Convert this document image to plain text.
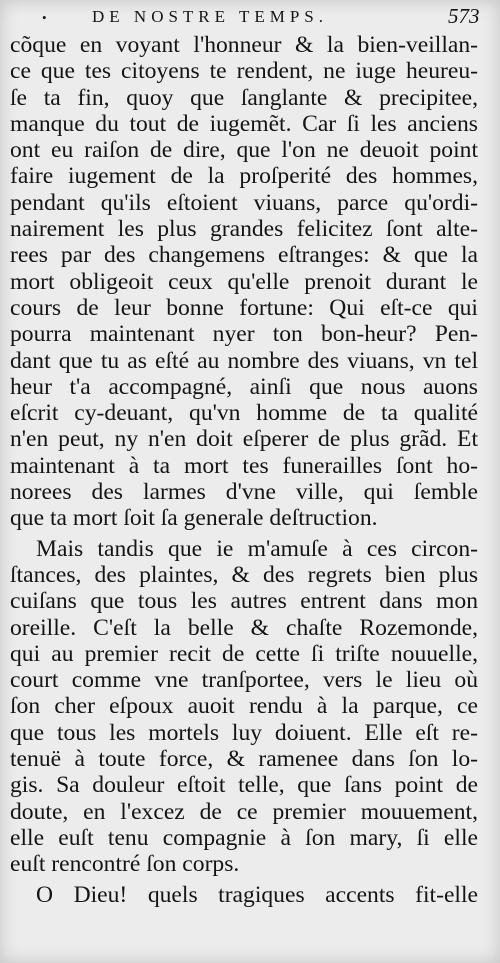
•	DE NOSTRE TEMPS.	573
cõque en voyant l'honneur & la bien-veillan-
ce que tes citoyens te rendent, ne iuge heureu-
ſe ta fin, quoy que ſanglante & precipitee,
manque du tout de iugemẽt. Car ſi les anciens
ont eu raiſon de dire, que l'on ne deuoit point
faire iugement de la proſperité des hommes,
pendant qu'ils eſtoient viuans, parce qu'ordi-
nairement les plus grandes felicitez ſont alte-
rees par des changemens eſtranges: & que la
mort obligeoit ceux qu'elle prenoit durant le
cours de leur bonne fortune: Qui eſt-ce qui
pourra maintenant nyer ton bon-heur? Pen-
dant que tu as eſté au nombre des viuans, vn tel
heur t'a accompagné, ainſi que nous auons
eſcrit cy-deuant, qu'vn homme de ta qualité
n'en peut, ny n'en doit eſperer de plus grãd. Et
maintenant à ta mort tes funerailles ſont ho-
norees des larmes d'vne ville, qui ſemble
que ta mort ſoit ſa generale deſtruction.
Mais tandis que ie m'amuſe à ces circon-
ſtances, des plaintes, & des regrets bien plus
cuiſans que tous les autres entrent dans mon
oreille. C'eſt la belle & chaſte Rozemonde,
qui au premier recit de cette ſi triſte nouuelle,
court comme vne tranſportee, vers le lieu où
ſon cher eſpoux auoit rendu à la parque, ce
que tous les mortels luy doiuent. Elle eſt re-
tenuë à toute force, & ramenee dans ſon lo-
gis. Sa douleur eſtoit telle, que ſans point de
doute, en l'excez de ce premier mouuement,
elle euſt tenu compagnie à ſon mary, ſi elle
euſt rencontré ſon corps.
O Dieu! quels tragiques accents fit-elle
